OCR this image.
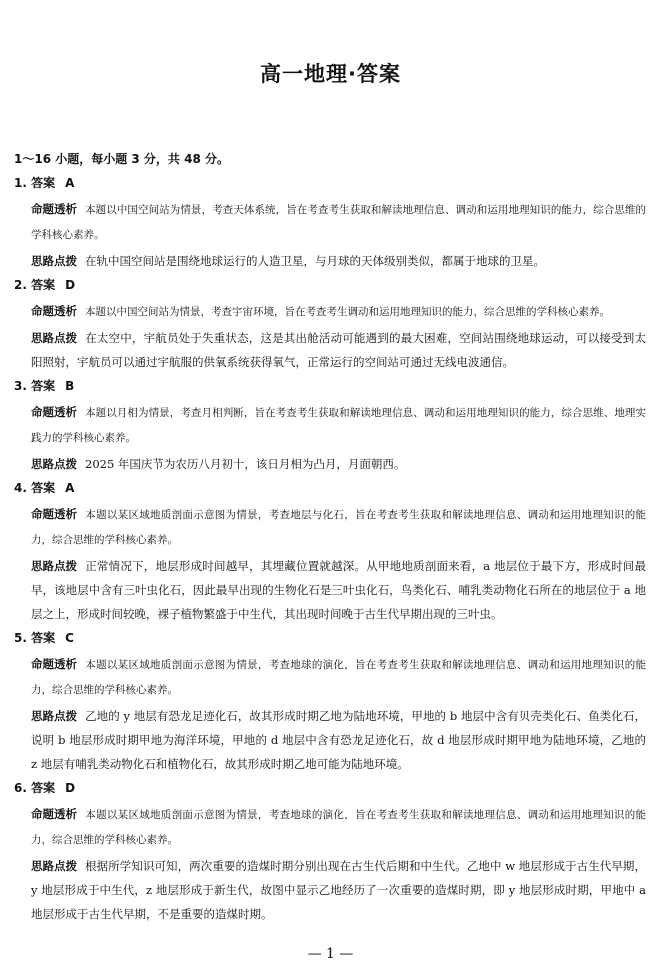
高一地理·答案
1～16 小题，每小题 3 分，共 48 分。
1. 答案 A
命题透析 本题以中国空间站为情景，考查天体系统，旨在考查考生获取和解读地理信息、调动和运用地理知识的能力，综合思维的学科核心素养。
思路点拨 在轨中国空间站是围绕地球运行的人造卫星，与月球的天体级别类似，都属于地球的卫星。
2. 答案 D
命题透析 本题以中国空间站为情景，考查宇宙环境，旨在考查考生调动和运用地理知识的能力，综合思维的学科核心素养。
思路点拨 在太空中，宇航员处于失重状态，这是其出舱活动可能遇到的最大困难，空间站围绕地球运动，可以接受到太阳照射，宇航员可以通过宇航服的供氧系统获得氧气，正常运行的空间站可通过无线电波通信。
3. 答案 B
命题透析 本题以月相为情景，考查月相判断，旨在考查考生获取和解读地理信息、调动和运用地理知识的能力，综合思维、地理实践力的学科核心素养。
思路点拨 2025 年国庆节为农历八月初十，该日月相为凸月，月面朝西。
4. 答案 A
命题透析 本题以某区域地质剖面示意图为情景，考查地层与化石，旨在考查考生获取和解读地理信息、调动和运用地理知识的能力，综合思维的学科核心素养。
思路点拨 正常情况下，地层形成时间越早，其埋藏位置就越深。从甲地地质剖面来看，a 地层位于最下方，形成时间最早，该地层中含有三叶虫化石，因此最早出现的生物化石是三叶虫化石，鸟类化石、哺乳类动物化石所在的地层位于 a 地层之上，形成时间较晚，裸子植物繁盛于中生代，其出现时间晚于古生代早期出现的三叶虫。
5. 答案 C
命题透析 本题以某区域地质剖面示意图为情景，考查地球的演化，旨在考查考生获取和解读地理信息、调动和运用地理知识的能力，综合思维的学科核心素养。
思路点拨 乙地的 y 地层有恐龙足迹化石，故其形成时期乙地为陆地环境，甲地的 b 地层中含有贝壳类化石、鱼类化石，说明 b 地层形成时期甲地为海洋环境，甲地的 d 地层中含有恐龙足迹化石，故 d 地层形成时期甲地为陆地环境，乙地的 z 地层有哺乳类动物化石和植物化石，故其形成时期乙地可能为陆地环境。
6. 答案 D
命题透析 本题以某区域地质剖面示意图为情景，考查地球的演化，旨在考查考生获取和解读地理信息、调动和运用地理知识的能力，综合思维的学科核心素养。
思路点拨 根据所学知识可知，两次重要的造煤时期分别出现在古生代后期和中生代。乙地中 w 地层形成于古生代早期，y 地层形成于中生代，z 地层形成于新生代，故图中显示乙地经历了一次重要的造煤时期，即 y 地层形成时期，甲地中 a 地层形成于古生代早期，不是重要的造煤时期。
— 1 —
